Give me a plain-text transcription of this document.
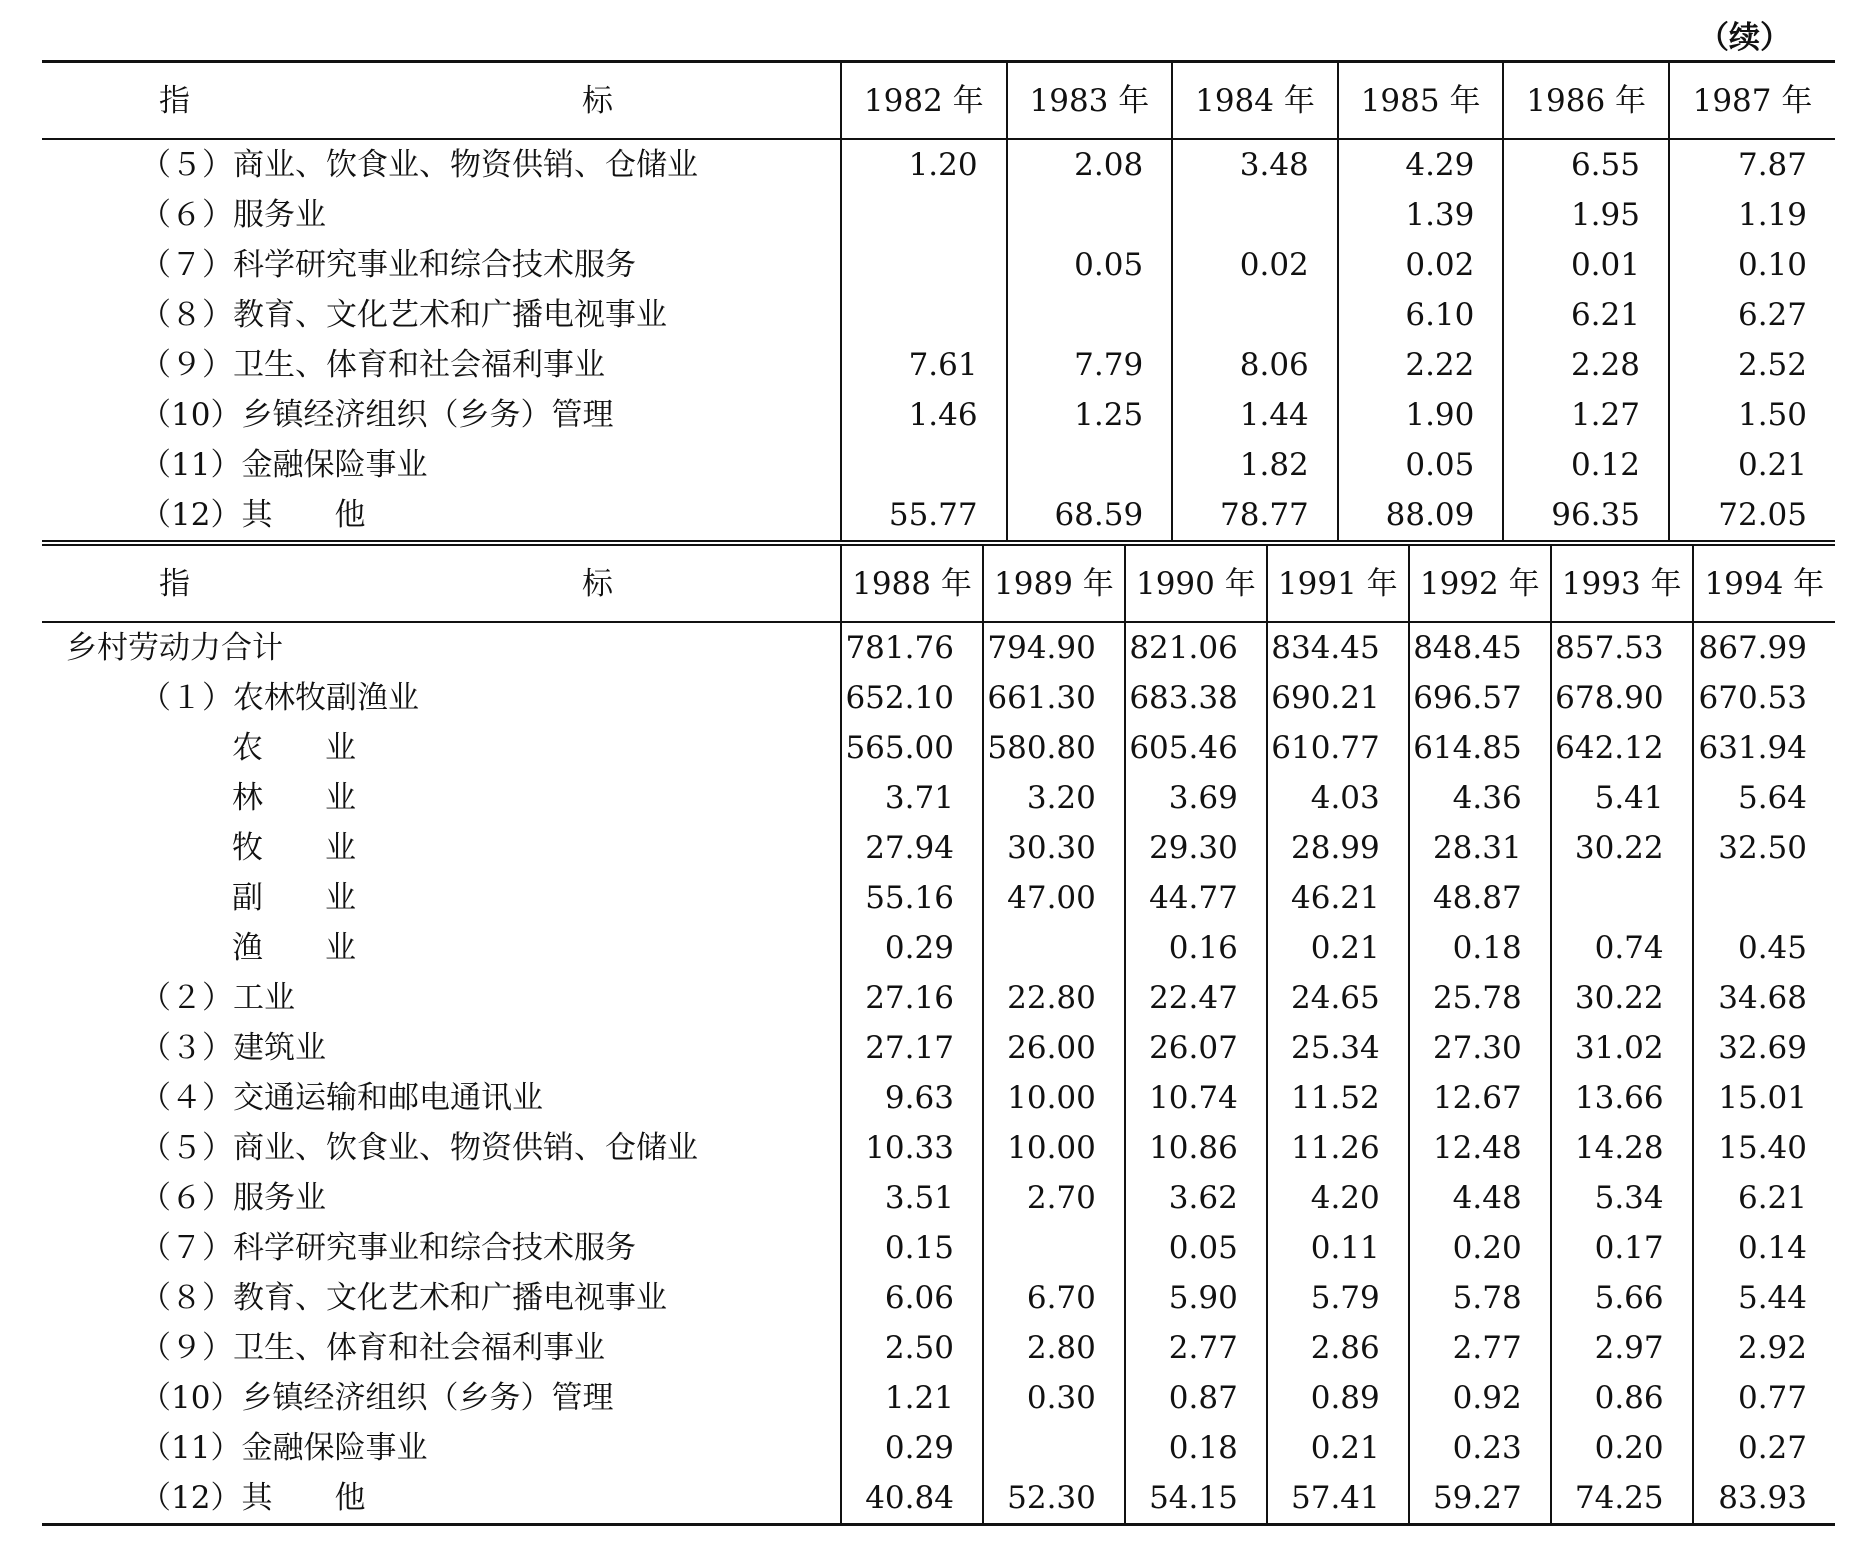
（续）
指　　标	1982 年		1983 年		1984 年		1985 年		1986 年		1987 年	
（５）商业、饮食业、物资供销、仓储业	1.20		2.08		3.48		4.29		6.55		7.87	
（６）服务业							1.39		1.95		1.19	
（７）科学研究事业和综合技术服务			0.05		0.02		0.02		0.01		0.10	
（８）教育、文化艺术和广播电视事业							6.10		6.21		6.27	
（９）卫生、体育和社会福利事业	7.61		7.79		8.06		2.22		2.28		2.52	
（10）乡镇经济组织（乡务）管理	1.46		1.25		1.44		1.90		1.27		1.50	
（11）金融保险事业					1.82		0.05		0.12		0.21	
（12）其　　他	55.77		68.59		78.77		88.09		96.35		72.05	
指　　标	1988 年	1989 年		1990 年		1991 年		1992 年		1993 年		1994 年
乡村劳动力合计	781.76	794.90		821.06		834.45		848.45		857.53		867.99
（１）农林牧副渔业	652.10	661.30		683.38		690.21		696.57		678.90		670.53
农　　业	565.00	580.80		605.46		610.77		614.85		642.12		631.94
林　　业	3.71	3.20		3.69		4.03		4.36		5.41		5.64
牧　　业	27.94	30.30		29.30		28.99		28.31		30.22		32.50
副　　业	55.16	47.00		44.77		46.21		48.87				
渔　　业	0.29			0.16		0.21		0.18		0.74		0.45
（２）工业	27.16	22.80		22.47		24.65		25.78		30.22		34.68
（３）建筑业	27.17	26.00		26.07		25.34		27.30		31.02		32.69
（４）交通运输和邮电通讯业	9.63	10.00		10.74		11.52		12.67		13.66		15.01
（５）商业、饮食业、物资供销、仓储业	10.33	10.00		10.86		11.26		12.48		14.28		15.40
（６）服务业	3.51	2.70		3.62		4.20		4.48		5.34		6.21
（７）科学研究事业和综合技术服务	0.15			0.05		0.11		0.20		0.17		0.14
（８）教育、文化艺术和广播电视事业	6.06	6.70		5.90		5.79		5.78		5.66		5.44
（９）卫生、体育和社会福利事业	2.50	2.80		2.77		2.86		2.77		2.97		2.92
（10）乡镇经济组织（乡务）管理	1.21	0.30		0.87		0.89		0.92		0.86		0.77
（11）金融保险事业	0.29			0.18		0.21		0.23		0.20		0.27
（12）其　　他	40.84	52.30		54.15		57.41		59.27		74.25		83.93
